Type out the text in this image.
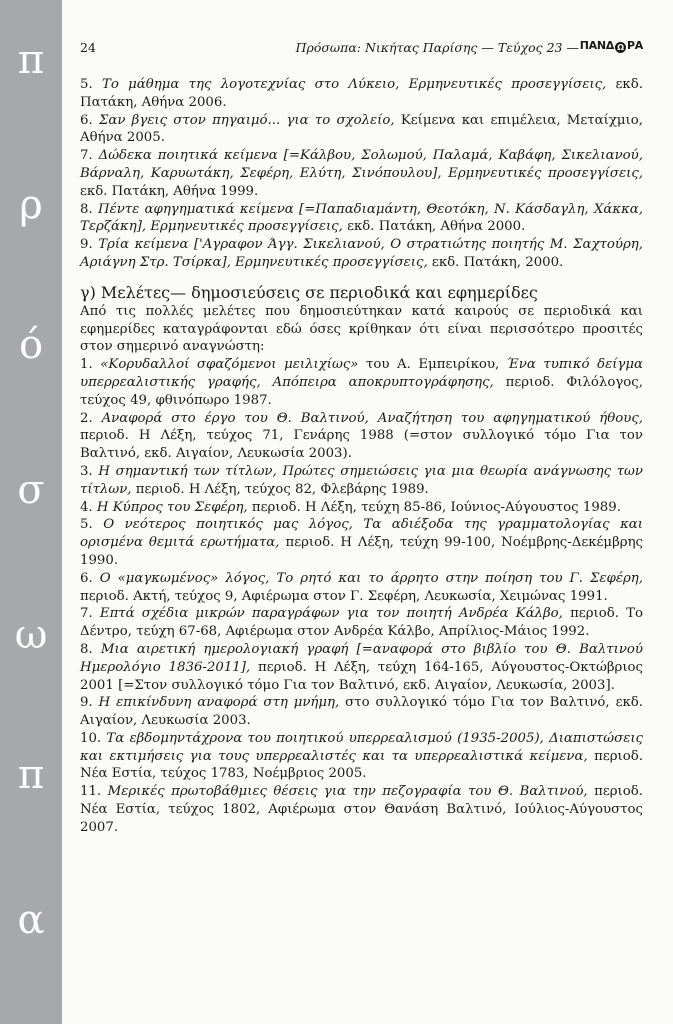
π
ρ
ό
σ
ω
π
α
24	Πρόσωπα: Νικήτας Παρίσης — Τεύχος 23 — ΠΑΝΔ Ω ΡΑ

5. Το μάθημα της λογοτεχνίας στο Λύκειο, Ερμηνευτικές προσεγγίσεις, εκδ. Πατάκη, Αθήνα 2006.

6. Σαν βγεις στον πηγαιμό... για το σχολείο, Κείμενα και επιμέλεια, Μεταίχμιο, Αθήνα 2005.

7. Δώδεκα ποιητικά κείμενα [=Κάλβου, Σολωμού, Παλαμά, Καβάφη, Σικελιανού, Βάρναλη, Καρυωτάκη, Σεφέρη, Ελύτη, Σινόπουλου], Ερμηνευτικές προσεγγίσεις, εκδ. Πατάκη, Αθήνα 1999.

8. Πέντε αφηγηματικά κείμενα [=Παπαδιαμάντη, Θεοτόκη, Ν. Κάσδαγλη, Χάκκα, Τερζάκη], Ερμηνευτικές προσεγγίσεις, εκδ. Πατάκη, Αθήνα 2000.

9. Τρία κείμενα ['Αγραφον Άγγ. Σικελιανού, Ο στρατιώτης ποιητής Μ. Σαχτούρη, Αριάγνη Στρ. Τσίρκα], Ερμηνευτικές προσεγγίσεις, εκδ. Πατάκη, 2000.

γ) Μελέτες— δημοσιεύσεις σε περιοδικά και εφημερίδες

Από τις πολλές μελέτες που δημοσιεύτηκαν κατά καιρούς σε περιοδικά και εφημερίδες καταγράφονται εδώ όσες κρίθηκαν ότι είναι περισσότερο προσιτές στον σημερινό αναγνώστη:

1. «Κορυδαλλοί σφαζόμενοι μειλιχίως» του Α. Εμπειρίκου, Ένα τυπικό δείγμα υπερρεαλιστικής γραφής, Απόπειρα αποκρυπτογράφησης, περιοδ. Φιλόλογος, τεύχος 49, φθινόπωρο 1987.

2. Αναφορά στο έργο του Θ. Βαλτινού, Αναζήτηση του αφηγηματικού ήθους, περιοδ. Η Λέξη, τεύχος 71, Γενάρης 1988 (=στον συλλογικό τόμο Για τον Βαλτινό, εκδ. Αιγαίον, Λευκωσία 2003).

3. Η σημαντική των τίτλων, Πρώτες σημειώσεις για μια θεωρία ανάγνωσης των τίτλων, περιοδ. Η Λέξη, τεύχος 82, Φλεβάρης 1989.

4. Η Κύπρος του Σεφέρη, περιοδ. Η Λέξη, τεύχη 85-86, Ιούνιος-Αύγουστος 1989.

5. Ο νεότερος ποιητικός μας λόγος, Τα αδιέξοδα της γραμματολογίας και ορισμένα θεμιτά ερωτήματα, περιοδ. Η Λέξη, τεύχη 99-100, Νοέμβρης-Δεκέμβρης 1990.

6. Ο «μαγκωμένος» λόγος, Το ρητό και το άρρητο στην ποίηση του Γ. Σεφέρη, περιοδ. Ακτή, τεύχος 9, Αφιέρωμα στον Γ. Σεφέρη, Λευκωσία, Χειμώνας 1991.

7. Επτά σχέδια μικρών παραγράφων για τον ποιητή Ανδρέα Κάλβο, περιοδ. Το Δέντρο, τεύχη 67-68, Αφιέρωμα στον Ανδρέα Κάλβο, Απρίλιος-Μάιος 1992.

8. Μια αιρετική ημερολογιακή γραφή [=αναφορά στο βιβλίο του Θ. Βαλτινού Ημερολόγιο 1836-2011], περιοδ. Η Λέξη, τεύχη 164-165, Αύγουστος-Οκτώβριος 2001 [=Στον συλλογικό τόμο Για τον Βαλτινό, εκδ. Αιγαίον, Λευκωσία, 2003].

9. Η επικίνδυνη αναφορά στη μνήμη, στο συλλογικό τόμο Για τον Βαλτινό, εκδ. Αιγαίον, Λευκωσία 2003.

10. Τα εβδομηντάχρονα του ποιητικού υπερρεαλισμού (1935-2005), Διαπιστώσεις και εκτιμήσεις για τους υπερρεαλιστές και τα υπερρεαλιστικά κείμενα, περιοδ. Νέα Εστία, τεύχος 1783, Νοέμβριος 2005.

11. Μερικές πρωτοβάθμιες θέσεις για την πεζογραφία του Θ. Βαλτινού, περιοδ. Νέα Εστία, τεύχος 1802, Αφιέρωμα στον Θανάση Βαλτινό, Ιούλιος-Αύγουστος 2007.
